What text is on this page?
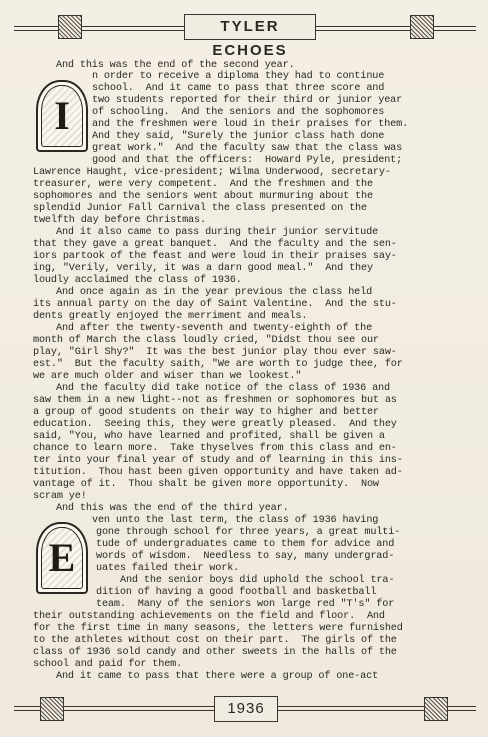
TYLER ECHOES
I
E
And this was the end of the second year.
n order to receive a diploma they had to continue
school.  And it came to pass that three score and
two students reported for their third or junior year
of schooling.  And the seniors and the sophomores
and the freshmen were loud in their praises for them.
And they said, "Surely the junior class hath done
great work."  And the faculty saw that the class was
good and that the officers:  Howard Pyle, president;
Lawrence Haught, vice-president; Wilma Underwood, secretary-
treasurer, were very competent.  And the freshmen and the
sophomores and the seniors went about murmuring about the
splendid Junior Fall Carnival the class presented on the
twelfth day before Christmas.
And it also came to pass during their junior servitude
that they gave a great banquet.  And the faculty and the sen-
iors partook of the feast and were loud in their praises say-
ing, "Verily, verily, it was a darn good meal."  And they
loudly acclaimed the class of 1936.
And once again as in the year previous the class held
its annual party on the day of Saint Valentine.  And the stu-
dents greatly enjoyed the merriment and meals.
And after the twenty-seventh and twenty-eighth of the
month of March the class loudly cried, "Didst thou see our
play, "Girl Shy?"  It was the best junior play thou ever saw-
est."  But the faculty saith, "We are worth to judge thee, for
we are much older and wiser than we lookest."
And the faculty did take notice of the class of 1936 and
saw them in a new light--not as freshmen or sophomores but as
a group of good students on their way to higher and better
education.  Seeing this, they were greatly pleased.  And they
said, "You, who have learned and profited, shall be given a
chance to learn more.  Take thyselves from this class and en-
ter into your final year of study and of learning in this ins-
titution.  Thou hast been given opportunity and have taken ad-
vantage of it.  Thou shalt be given more opportunity.  Now
scram ye!
And this was the end of the third year.
ven unto the last term, the class of 1936 having
gone through school for three years, a great multi-
tude of undergraduates came to them for advice and
words of wisdom.  Needless to say, many undergrad-
uates failed their work.
And the senior boys did uphold the school tra-
dition of having a good football and basketball
team.  Many of the seniors won large red "T's" for
their outstanding achievements on the field and floor.  And
for the first time in many seasons, the letters were furnished
to the athletes without cost on their part.  The girls of the
class of 1936 sold candy and other sweets in the halls of the
school and paid for them.
And it came to pass that there were a group of one-act
1936
